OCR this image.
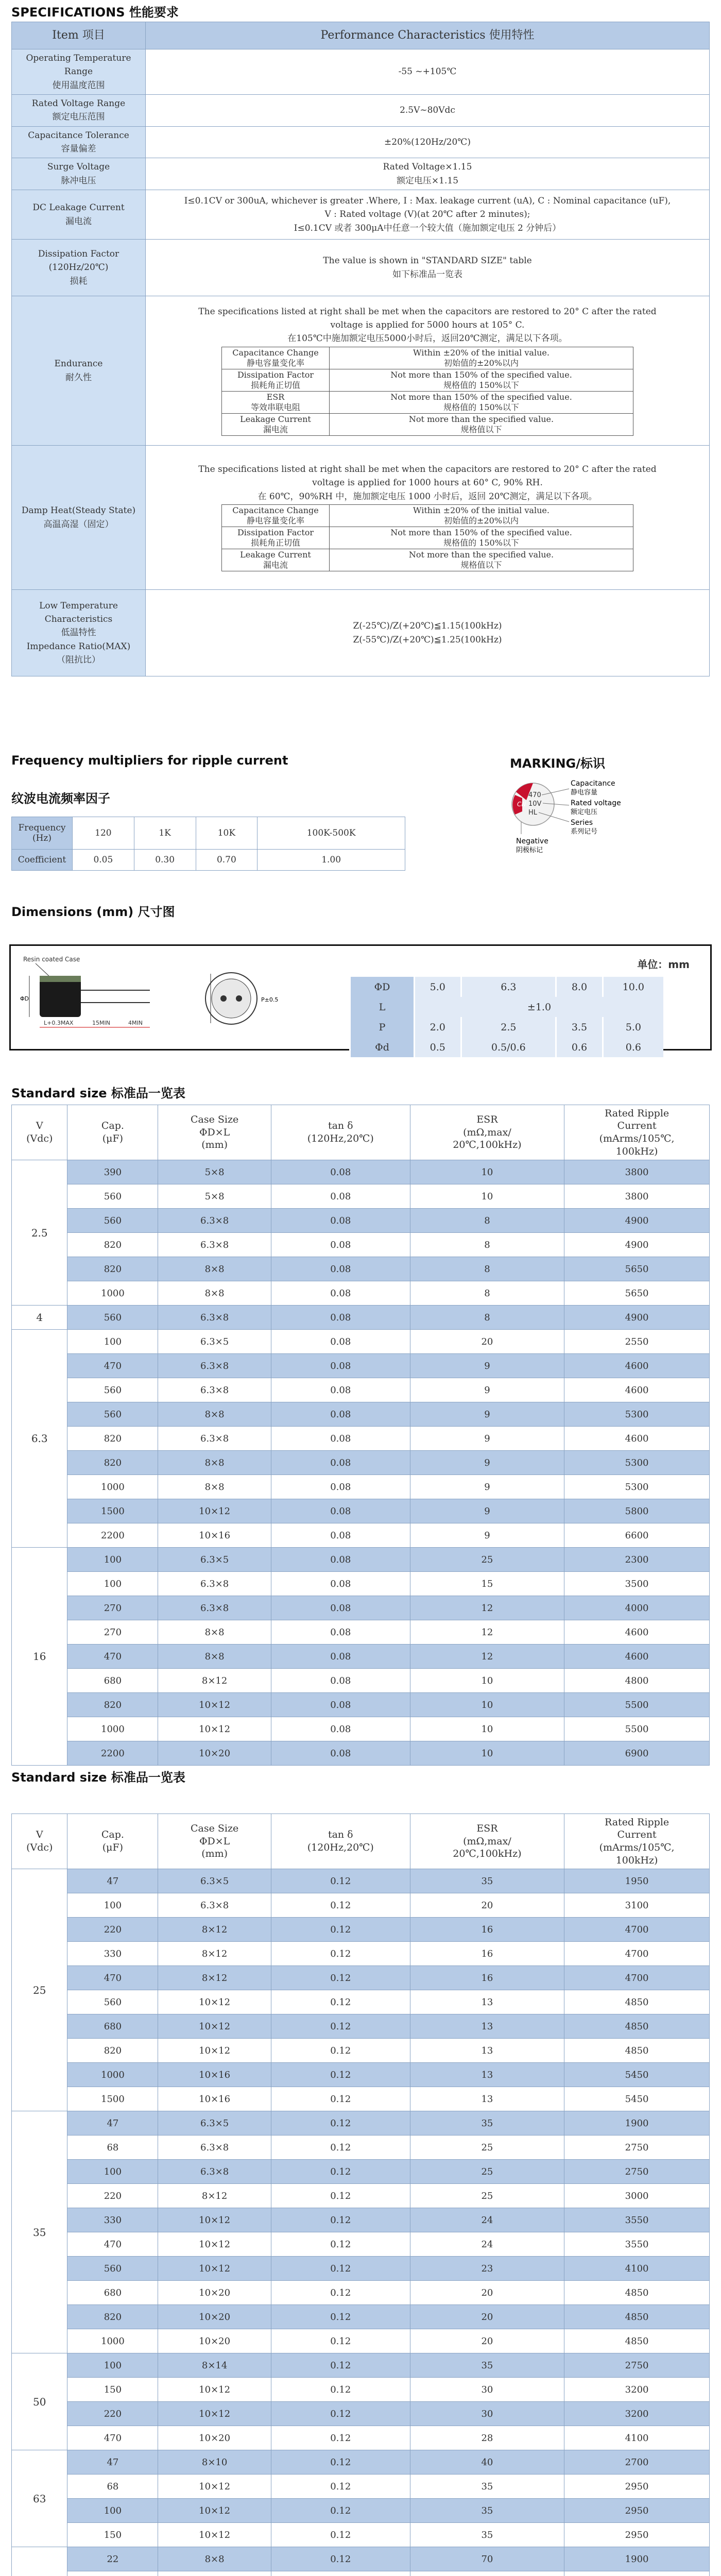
SPECIFICATIONS 性能要求
Item 项目	Performance Characteristics 使用特性
Operating Temperature
Range
使用温度范围	-55 ~+105℃
Rated Voltage Range
额定电压范围	2.5V~80Vdc
Capacitance Tolerance
容量偏差	±20%(120Hz/20℃)
Surge Voltage
脉冲电压	Rated Voltage×1.15
额定电压×1.15
DC Leakage Current
漏电流	I≤0.1CV or 300uA, whichever is greater .Where, I : Max. leakage current (uA), C : Nominal capacitance (uF),
V : Rated voltage (V)(at 20℃ after 2 minutes);
I≤0.1CV 或者 300μA中任意一个较大值（施加额定电压 2 分钟后）
Dissipation Factor
(120Hz/20℃)
损耗	The value is shown in "STANDARD SIZE" table
如下标准品一览表
Endurance
耐久性	
The specifications listed at right shall be met when the capacitors are restored to 20° C after the rated
voltage is applied for 5000 hours at 105° C.
在105℃中施加额定电压5000小时后，返回20℃测定，满足以下各项。
Capacitance Change
静电容量变化率	Within ±20% of the initial value.
初始值的±20%以内
Dissipation Factor
损耗角正切值	Not more than 150% of the specified value.
规格值的 150%以下
ESR
等效串联电阻	Not more than 150% of the specified value.
规格值的 150%以下
Leakage Current
漏电流	Not more than the specified value.
规格值以下

Damp Heat(Steady State)
高温高湿（固定）	
The specifications listed at right shall be met when the capacitors are restored to 20° C after the rated
voltage is applied for 1000 hours at 60° C, 90% RH.
在 60℃，90%RH 中，施加额定电压 1000 小时后，返回 20℃测定，满足以下各项。
Capacitance Change
静电容量变化率	Within ±20% of the initial value.
初始值的±20%以内
Dissipation Factor
损耗角正切值	Not more than 150% of the specified value.
规格值的 150%以下
Leakage Current
漏电流	Not more than the specified value.
规格值以下

Low Temperature
Characteristics
低温特性
Impedance Ratio(MAX)
（阻抗比）	Z(-25℃)/Z(+20℃)≦1.15(100kHz)
Z(-55℃)/Z(+20℃)≦1.25(100kHz)
Frequency multipliers for ripple current
纹波电流频率因子
Frequency
(Hz)	120	1K	10K	100K-500K
Coefficient	0.05	0.30	0.70	1.00
MARKING/标识
CN
470
10V
HL
Capacitance
静电容量
Rated voltage
额定电压
Series
系列记号
Negative
阴极标记
Dimensions (mm) 尺寸图
Resin coated Case
ΦD
L+0.3MAX	15MIN	4MIN
P±0.5
单位：mm
ΦD	5.0	6.3	8.0	10.0
L	±1.0			
P	2.0	2.5	3.5	5.0
Φd	0.5	0.5/0.6	0.6	0.6
Standard size 标准品一览表
V
(Vdc)	Cap.
(μF)	Case Size
ΦD×L
(mm)	tan δ
(120Hz,20℃)	ESR
(mΩ,max/
20℃,100kHz)	Rated Ripple
Current
(mArms/105℃,
100kHz)
2.5	390	5×8	0.08	10	3800
	560	5×8	0.08	10	3800
	560	6.3×8	0.08	8	4900
	820	6.3×8	0.08	8	4900
	820	8×8	0.08	8	5650
	1000	8×8	0.08	8	5650
4	560	6.3×8	0.08	8	4900
6.3	100	6.3×5	0.08	20	2550
	470	6.3×8	0.08	9	4600
	560	6.3×8	0.08	9	4600
	560	8×8	0.08	9	5300
	820	6.3×8	0.08	9	4600
	820	8×8	0.08	9	5300
	1000	8×8	0.08	9	5300
	1500	10×12	0.08	9	5800
	2200	10×16	0.08	9	6600
16	100	6.3×5	0.08	25	2300
	100	6.3×8	0.08	15	3500
	270	6.3×8	0.08	12	4000
	270	8×8	0.08	12	4600
	470	8×8	0.08	12	4600
	680	8×12	0.08	10	4800
	820	10×12	0.08	10	5500
	1000	10×12	0.08	10	5500
	2200	10×20	0.08	10	6900
Standard size 标准品一览表
V
(Vdc)	Cap.
(μF)	Case Size
ΦD×L
(mm)	tan δ
(120Hz,20℃)	ESR
(mΩ,max/
20℃,100kHz)	Rated Ripple
Current
(mArms/105℃,
100kHz)
25	47	6.3×5	0.12	35	1950
	100	6.3×8	0.12	20	3100
	220	8×12	0.12	16	4700
	330	8×12	0.12	16	4700
	470	8×12	0.12	16	4700
	560	10×12	0.12	13	4850
	680	10×12	0.12	13	4850
	820	10×12	0.12	13	4850
	1000	10×16	0.12	13	5450
	1500	10×16	0.12	13	5450
35	47	6.3×5	0.12	35	1900
	68	6.3×8	0.12	25	2750
	100	6.3×8	0.12	25	2750
	220	8×12	0.12	25	3000
	330	10×12	0.12	24	3550
	470	10×12	0.12	24	3550
	560	10×12	0.12	23	4100
	680	10×20	0.12	20	4850
	820	10×20	0.12	20	4850
	1000	10×20	0.12	20	4850
50	100	8×14	0.12	35	2750
	150	10×12	0.12	30	3200
	220	10×12	0.12	30	3200
	470	10×20	0.12	28	4100
63	47	8×10	0.12	40	2700
	68	10×12	0.12	35	2950
	100	10×12	0.12	35	2950
	150	10×12	0.12	35	2950
	22	8×8	0.12	70	1900
